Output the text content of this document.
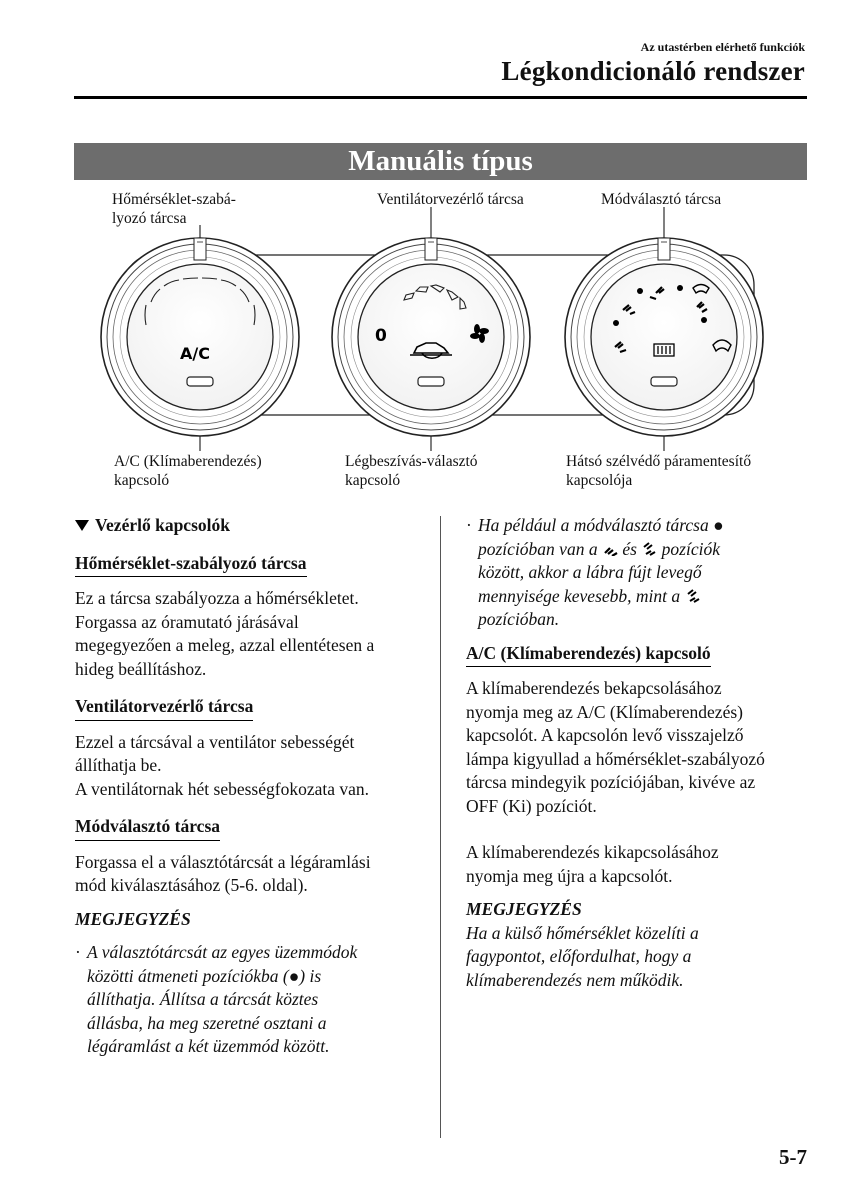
Az utastérben elérhető funkciók
Légkondicionáló rendszer
Manuális típus
Hőmérséklet-szabá-
lyozó tárcsa
Ventilátorvezérlő tárcsa	Módválasztó tárcsa
A/C
0
A/C (Klímaberendezés)
kapcsoló
Légbeszívás-választó
kapcsoló
Hátsó szélvédő páramentesítő
kapcsolója

Vezérlő kapcsolók

Hőmérséklet-szabályozó tárcsa

Ez a tárcsa szabályozza a hőmérsékletet.

Forgassa az óramutató járásával

megegyezően a meleg, azzal ellentétesen a

hideg beállításhoz.

Ventilátorvezérlő tárcsa

Ezzel a tárcsával a ventilátor sebességét

állíthatja be.

A ventilátornak hét sebességfokozata van.

Módválasztó tárcsa

Forgassa el a választótárcsát a légáramlási

mód kiválasztásához (5-6. oldal).

MEGJEGYZÉS

· A választótárcsát az egyes üzemmódok

közötti átmeneti pozíciókba (●) is

állíthatja. Állítsa a tárcsát köztes

állásba, ha meg szeretné osztani a

légáramlást a két üzemmód között.

· Ha például a módválasztó tárcsa ●

pozícióban van a és pozíciók

között, akkor a lábra fújt levegő

mennyisége kevesebb, mint a

pozícióban.

A/C (Klímaberendezés) kapcsoló

A klímaberendezés bekapcsolásához

nyomja meg az A/C (Klímaberendezés)

kapcsolót. A kapcsolón levő visszajelző

lámpa kigyullad a hőmérséklet-szabályozó

tárcsa mindegyik pozíciójában, kivéve az

OFF (Ki) pozíciót.

A klímaberendezés kikapcsolásához

nyomja meg újra a kapcsolót.

MEGJEGYZÉS

Ha a külső hőmérséklet közelíti a

fagypontot, előfordulhat, hogy a

klímaberendezés nem működik.

5-7
